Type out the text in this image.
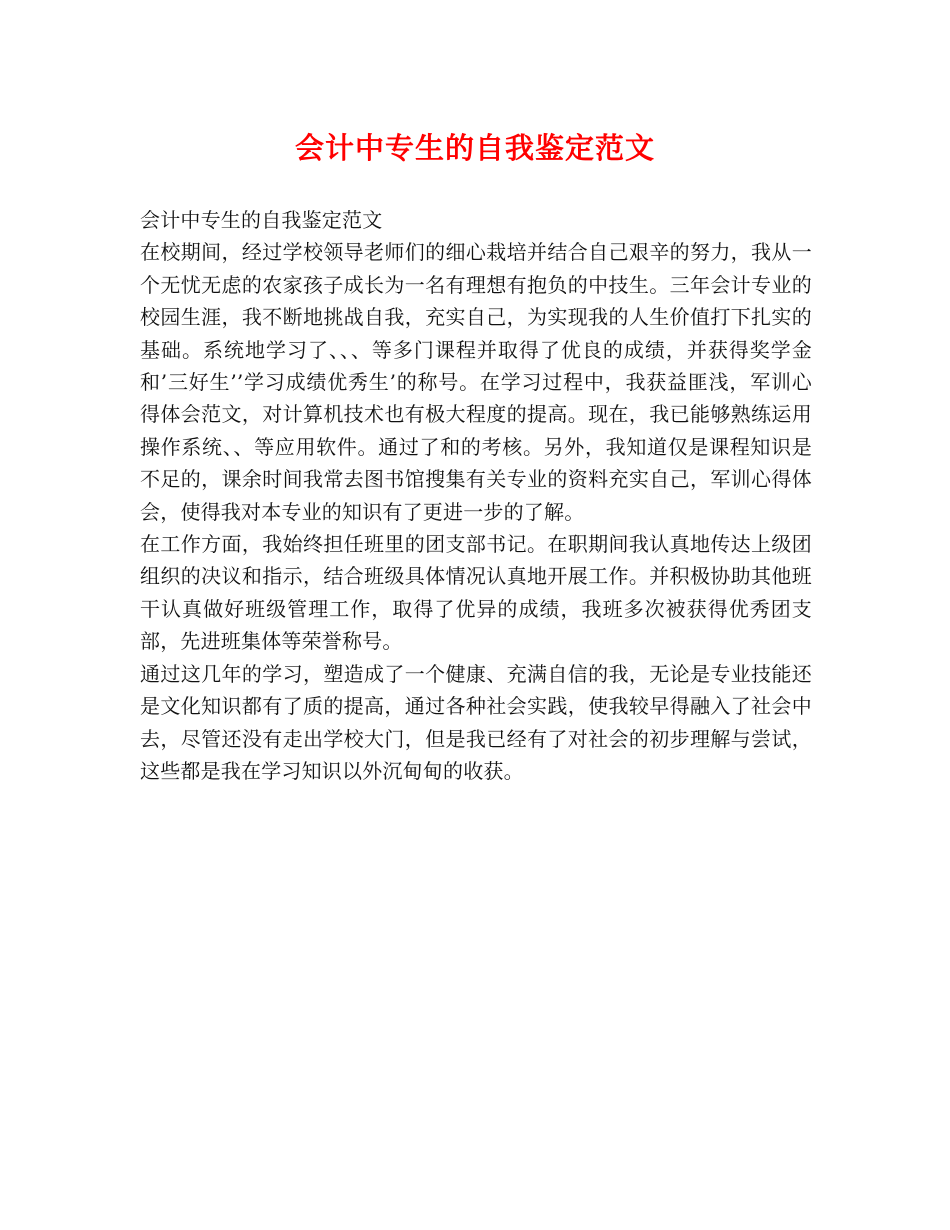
会计中专生的自我鉴定范文

会计中专生的自我鉴定范文

在校期间，经过学校领导老师们的细心栽培并结合自己艰辛的努力，我从一个无忧无虑的农家孩子成长为一名有理想有抱负的中技生。三年会计专业的校园生涯，我不断地挑战自我，充实自己，为实现我的人生价值打下扎实的基础。系统地学习了、、、等多门课程并取得了优良的成绩，并获得奖学金和’三好生’’学习成绩优秀生’的称号。在学习过程中，我获益匪浅，军训心得体会范文，对计算机技术也有极大程度的提高。现在，我已能够熟练运用操作系统、、等应用软件。通过了和的考核。另外，我知道仅是课程知识是不足的，课余时间我常去图书馆搜集有关专业的资料充实自己，军训心得体会，使得我对本专业的知识有了更进一步的了解。

在工作方面，我始终担任班里的团支部书记。在职期间我认真地传达上级团组织的决议和指示，结合班级具体情况认真地开展工作。并积极协助其他班干认真做好班级管理工作，取得了优异的成绩，我班多次被获得优秀团支部，先进班集体等荣誉称号。

通过这几年的学习，塑造成了一个健康、充满自信的我，无论是专业技能还是文化知识都有了质的提高，通过各种社会实践，使我较早得融入了社会中去，尽管还没有走出学校大门，但是我已经有了对社会的初步理解与尝试，这些都是我在学习知识以外沉甸甸的收获。
